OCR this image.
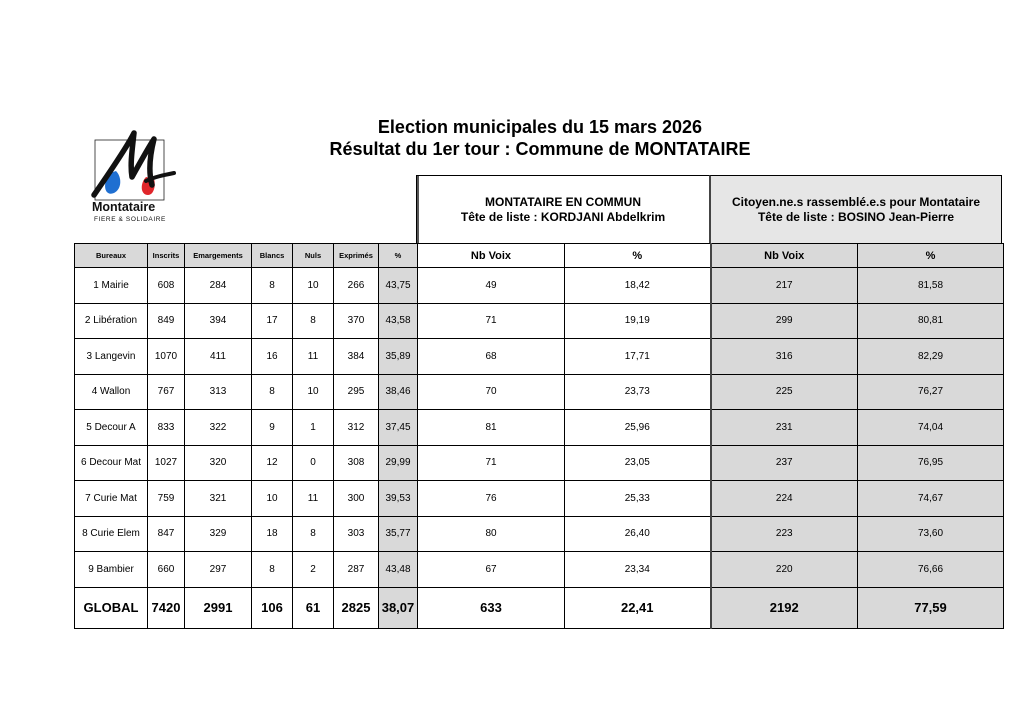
Election municipales du 15 mars 2026
Résultat du 1er tour : Commune de MONTATAIRE
Montataire
FIERE & SOLIDAIRE
MONTATAIRE EN COMMUN
Tête de liste : KORDJANI Abdelkrim
Citoyen.ne.s rassemblé.e.s pour Montataire
Tête de liste : BOSINO Jean-Pierre
Bureaux	Inscrits	Emargements	Blancs	Nuls	Exprimés	%	Nb Voix	%	Nb Voix	%
1 Mairie	608	284	8	10	266	43,75	49	18,42	217	81,58
2 Libération	849	394	17	8	370	43,58	71	19,19	299	80,81
3 Langevin	1070	411	16	11	384	35,89	68	17,71	316	82,29
4 Wallon	767	313	8	10	295	38,46	70	23,73	225	76,27
5 Decour A	833	322	9	1	312	37,45	81	25,96	231	74,04
6 Decour Mat	1027	320	12	0	308	29,99	71	23,05	237	76,95
7 Curie Mat	759	321	10	11	300	39,53	76	25,33	224	74,67
8 Curie Elem	847	329	18	8	303	35,77	80	26,40	223	73,60
9 Bambier	660	297	8	2	287	43,48	67	23,34	220	76,66
GLOBAL	7420	2991	106	61	2825	38,07	633	22,41	2192	77,59
